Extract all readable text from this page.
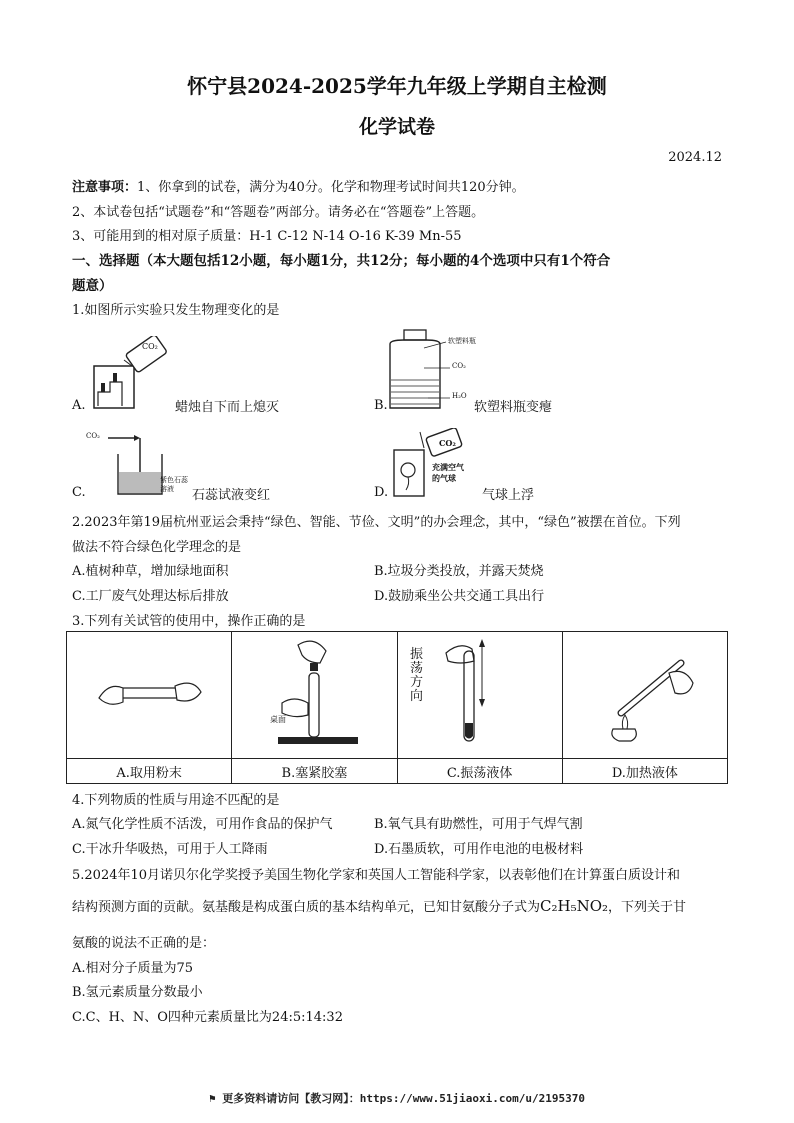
怀宁县2024-2025学年九年级上学期自主检测
化学试卷
2024.12
注意事项：1、你拿到的试卷，满分为40分。化学和物理考试时间共120分钟。
2、本试卷包括“试题卷”和“答题卷”两部分。请务必在“答题卷”上答题。
3、可能用到的相对原子质量：H-1 C-12 N-14 O-16 K-39 Mn-55
一、选择题（本大题包括12小题，每小题1分，共12分；每小题的4个选项中只有1个符合
题意）
1.如图所示实验只发生物理变化的是
CO₂
A.	蜡烛自下而上熄灭
软塑料瓶
CO₂
H₂O
B.	软塑料瓶变瘪
CO₂
紫色石蕊溶液
C.	石蕊试液变红
CO₂
充满空气的气球
D.	气球上浮
2.2023年第19届杭州亚运会秉持“绿色、智能、节俭、文明”的办会理念，其中，“绿色”被摆在首位。下列
做法不符合绿色化学理念的是
A.植树种草，增加绿地面积	B.垃圾分类投放，并露天焚烧
C.工厂废气处理达标后排放	D.鼓励乘坐公共交通工具出行
3.下列有关试管的使用中，操作正确的是

A.取用粉末	B.塞紧胶塞	C.振荡液体	D.加热液体
桌面
振荡方向
4.下列物质的性质与用途不匹配的是
A.氮气化学性质不活泼，可用作食品的保护气	B.氧气具有助燃性，可用于气焊气割
C.干冰升华吸热，可用于人工降雨	D.石墨质软，可用作电池的电极材料
5.2024年10月诺贝尔化学奖授予美国生物化学家和英国人工智能科学家，以表彰他们在计算蛋白质设计和
结构预测方面的贡献。氨基酸是构成蛋白质的基本结构单元，已知甘氨酸分子式为C₂H₅NO₂，下列关于甘
氨酸的说法不正确的是：
A.相对分子质量为75
B.氢元素质量分数最小
C.C、H、N、O四种元素质量比为24:5:14:32
⚑ 更多资料请访问【教习网】：https://www.51jiaoxi.com/u/2195370
